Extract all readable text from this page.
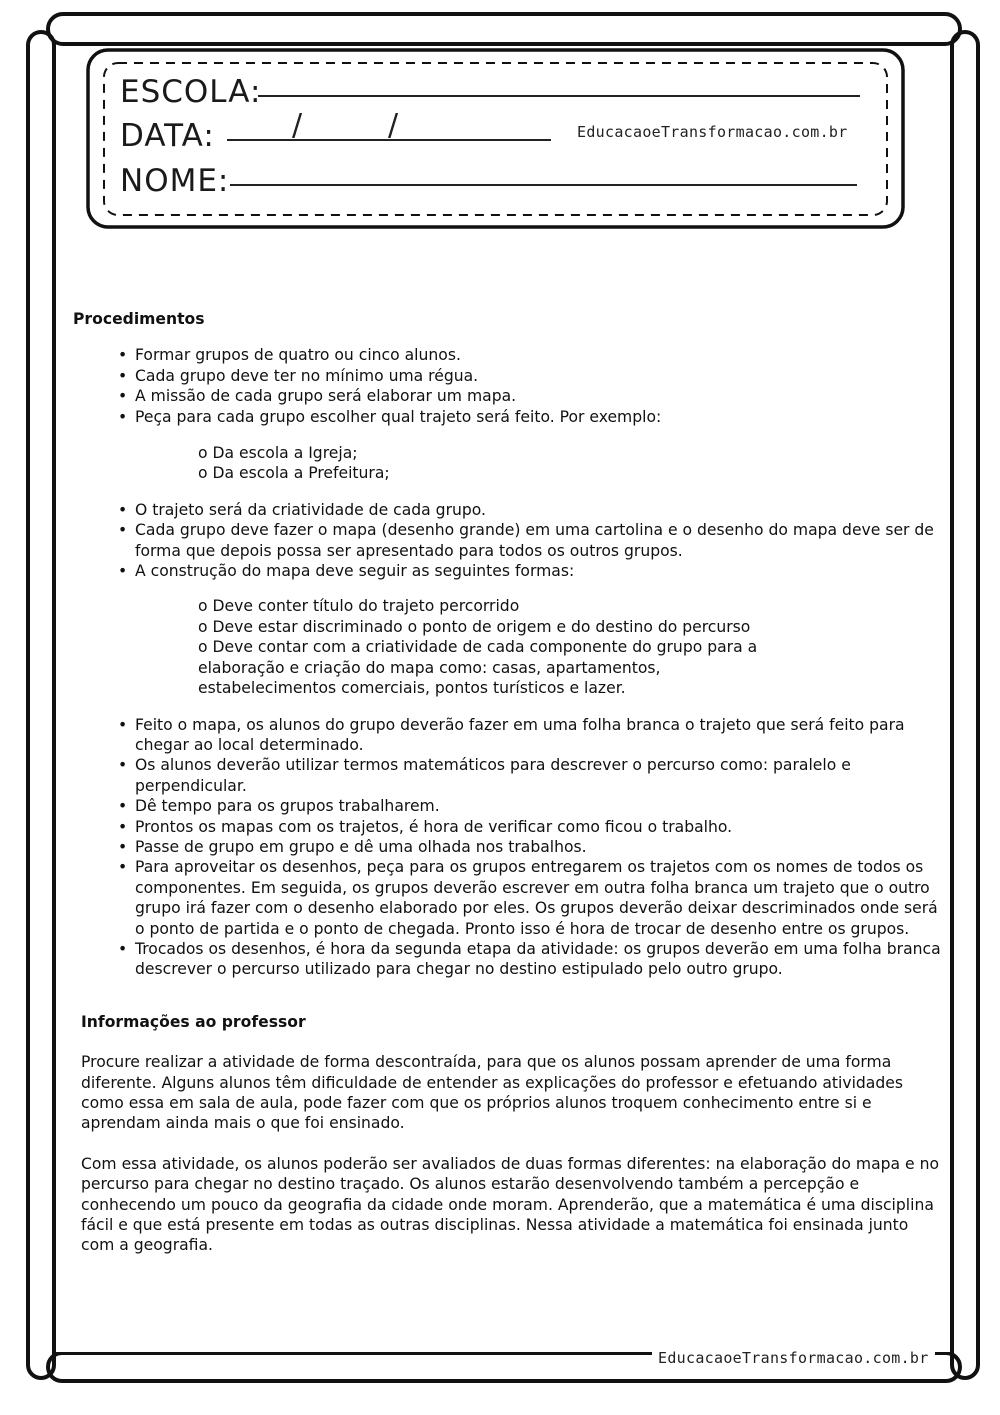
ESCOLA:
DATA:	/	/	EducacaoeTransformacao.com.br
NOME:
Procedimentos
• Formar grupos de quatro ou cinco alunos.
• Cada grupo deve ter no mínimo uma régua.
• A missão de cada grupo será elaborar um mapa.
• Peça para cada grupo escolher qual trajeto será feito. Por exemplo:
o Da escola a Igreja;
o Da escola a Prefeitura;
• O trajeto será da criatividade de cada grupo.
• Cada grupo deve fazer o mapa (desenho grande) em uma cartolina e o desenho do mapa deve ser de forma que depois possa ser apresentado para todos os outros grupos.
• A construção do mapa deve seguir as seguintes formas:
o Deve conter título do trajeto percorrido
o Deve estar discriminado o ponto de origem e do destino do percurso
o Deve contar com a criatividade de cada componente do grupo para a elaboração e criação do mapa como: casas, apartamentos, estabelecimentos comerciais, pontos turísticos e lazer.
• Feito o mapa, os alunos do grupo deverão fazer em uma folha branca o trajeto que será feito para chegar ao local determinado.
• Os alunos deverão utilizar termos matemáticos para descrever o percurso como: paralelo e perpendicular.
• Dê tempo para os grupos trabalharem.
• Prontos os mapas com os trajetos, é hora de verificar como ficou o trabalho.
• Passe de grupo em grupo e dê uma olhada nos trabalhos.
• Para aproveitar os desenhos, peça para os grupos entregarem os trajetos com os nomes de todos os componentes. Em seguida, os grupos deverão escrever em outra folha branca um trajeto que o outro grupo irá fazer com o desenho elaborado por eles. Os grupos deverão deixar descriminados onde será o ponto de partida e o ponto de chegada. Pronto isso é hora de trocar de desenho entre os grupos.
• Trocados os desenhos, é hora da segunda etapa da atividade: os grupos deverão em uma folha branca descrever o percurso utilizado para chegar no destino estipulado pelo outro grupo.
Informações ao professor

Procure realizar a atividade de forma descontraída, para que os alunos possam aprender de uma forma diferente. Alguns alunos têm dificuldade de entender as explicações do professor e efetuando atividades como essa em sala de aula, pode fazer com que os próprios alunos troquem conhecimento entre si e aprendam ainda mais o que foi ensinado.

Com essa atividade, os alunos poderão ser avaliados de duas formas diferentes: na elaboração do mapa e no percurso para chegar no destino traçado. Os alunos estarão desenvolvendo também a percepção e conhecendo um pouco da geografia da cidade onde moram. Aprenderão, que a matemática é uma disciplina fácil e que está presente em todas as outras disciplinas. Nessa atividade a matemática foi ensinada junto com a geografia.

EducacaoeTransformacao.com.br
